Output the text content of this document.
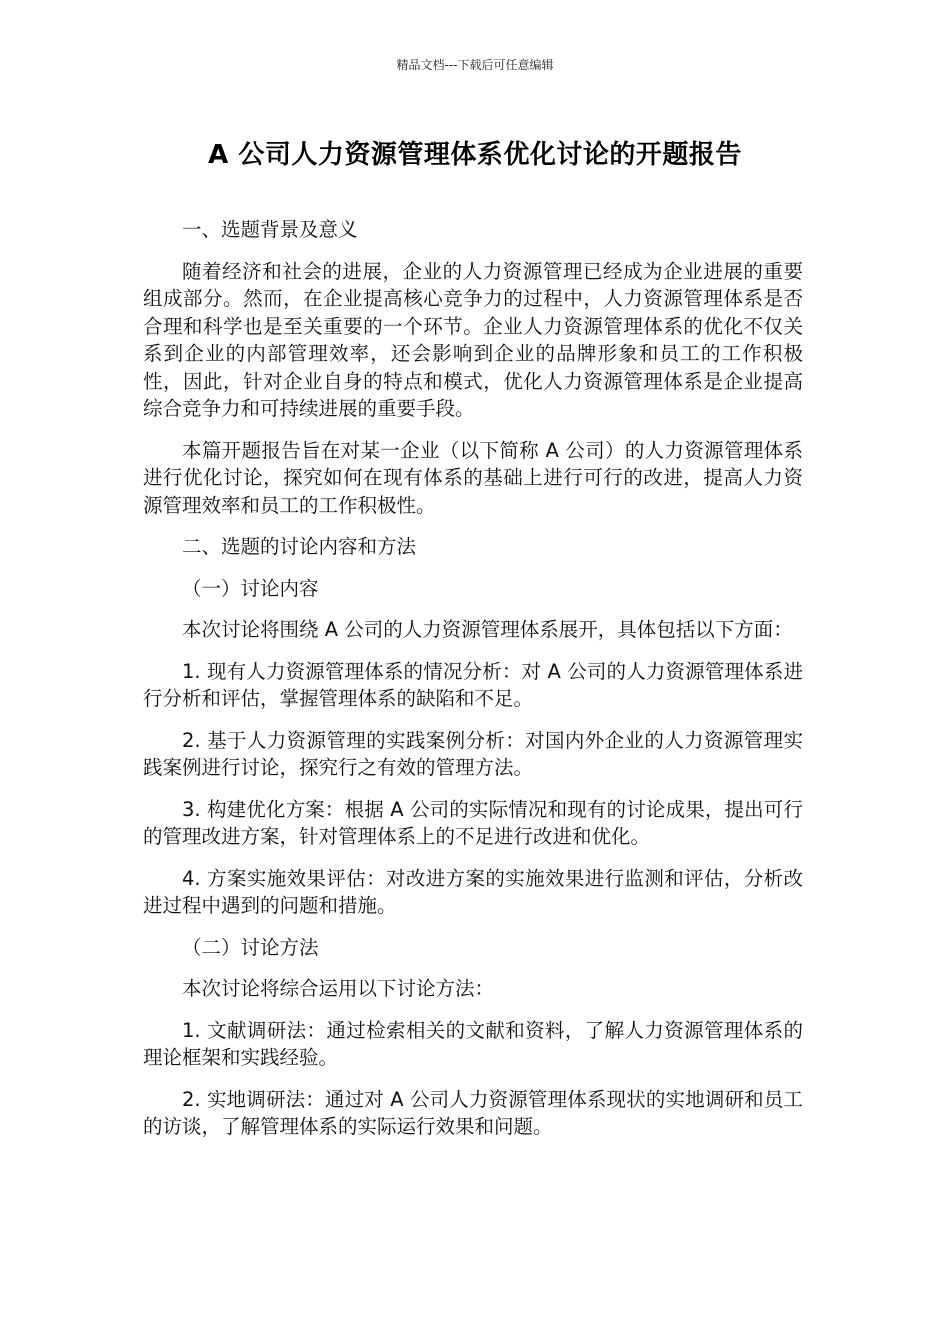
精品文档---下载后可任意编辑
A 公司人力资源管理体系优化讨论的开题报告

一、选题背景及意义

随着经济和社会的进展，企业的人力资源管理已经成为企业进展的重要组成部分。然而，在企业提高核心竞争力的过程中，人力资源管理体系是否合理和科学也是至关重要的一个环节。企业人力资源管理体系的优化不仅关系到企业的内部管理效率，还会影响到企业的品牌形象和员工的工作积极性，因此，针对企业自身的特点和模式，优化人力资源管理体系是企业提高综合竞争力和可持续进展的重要手段。

本篇开题报告旨在对某一企业（以下简称 A 公司）的人力资源管理体系进行优化讨论，探究如何在现有体系的基础上进行可行的改进，提高人力资源管理效率和员工的工作积极性。

二、选题的讨论内容和方法

（一）讨论内容

本次讨论将围绕 A 公司的人力资源管理体系展开，具体包括以下方面：

1. 现有人力资源管理体系的情况分析：对 A 公司的人力资源管理体系进行分析和评估，掌握管理体系的缺陷和不足。

2. 基于人力资源管理的实践案例分析：对国内外企业的人力资源管理实践案例进行讨论，探究行之有效的管理方法。

3. 构建优化方案：根据 A 公司的实际情况和现有的讨论成果，提出可行的管理改进方案，针对管理体系上的不足进行改进和优化。

4. 方案实施效果评估：对改进方案的实施效果进行监测和评估，分析改进过程中遇到的问题和措施。

（二）讨论方法

本次讨论将综合运用以下讨论方法：

1. 文献调研法：通过检索相关的文献和资料，了解人力资源管理体系的理论框架和实践经验。

2. 实地调研法：通过对 A 公司人力资源管理体系现状的实地调研和员工的访谈，了解管理体系的实际运行效果和问题。
